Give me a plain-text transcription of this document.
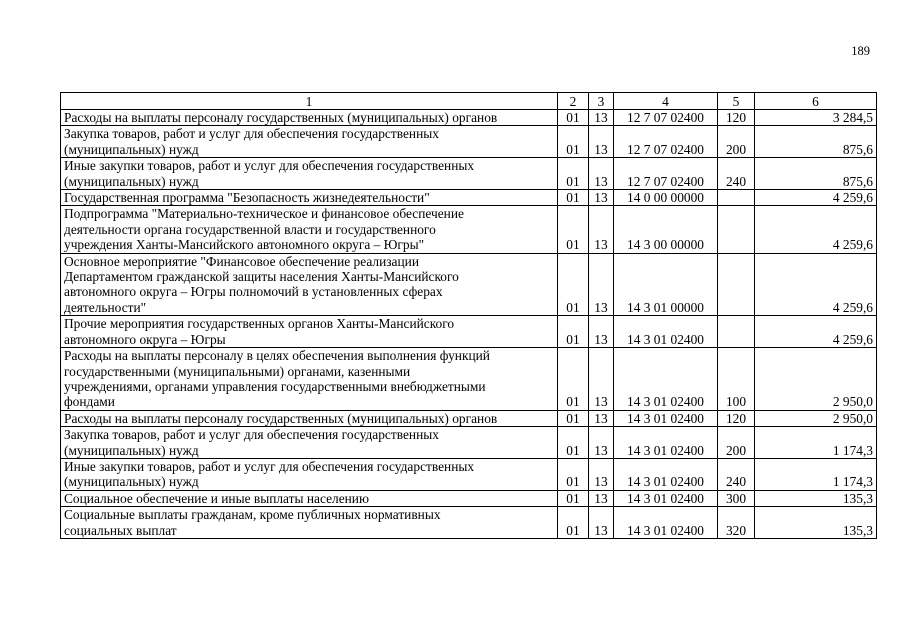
189
1	2	3	4	5	6

Расходы на выплаты персоналу государственных (муниципальных) органов	01	13	12 7 07 02400	120	3 284,5

Закупка товаров, работ и услуг для обеспечения государственных
(муниципальных) нужд	01	13	12 7 07 02400	200	875,6

Иные закупки товаров, работ и услуг для обеспечения государственных
(муниципальных) нужд	01	13	12 7 07 02400	240	875,6

Государственная программа "Безопасность жизнедеятельности"	01	13	14 0 00 00000		4 259,6

Подпрограмма "Материально-техническое и финансовое обеспечение
деятельности органа государственной власти и государственного
учреждения Ханты-Мансийского автономного округа – Югры"	01	13	14 3 00 00000		4 259,6

Основное мероприятие "Финансовое обеспечение реализации
Департаментом гражданской защиты населения Ханты-Мансийского
автономного округа – Югры полномочий в установленных сферах
деятельности"	01	13	14 3 01 00000		4 259,6

Прочие мероприятия государственных органов Ханты-Мансийского
автономного округа – Югры	01	13	14 3 01 02400		4 259,6

Расходы на выплаты персоналу в целях обеспечения выполнения функций
государственными (муниципальными) органами, казенными
учреждениями, органами управления государственными внебюджетными
фондами	01	13	14 3 01 02400	100	2 950,0

Расходы на выплаты персоналу государственных (муниципальных) органов	01	13	14 3 01 02400	120	2 950,0

Закупка товаров, работ и услуг для обеспечения государственных
(муниципальных) нужд	01	13	14 3 01 02400	200	1 174,3

Иные закупки товаров, работ и услуг для обеспечения государственных
(муниципальных) нужд	01	13	14 3 01 02400	240	1 174,3

Социальное обеспечение и иные выплаты населению	01	13	14 3 01 02400	300	135,3

Социальные выплаты гражданам, кроме публичных нормативных
социальных выплат	01	13	14 3 01 02400	320	135,3
